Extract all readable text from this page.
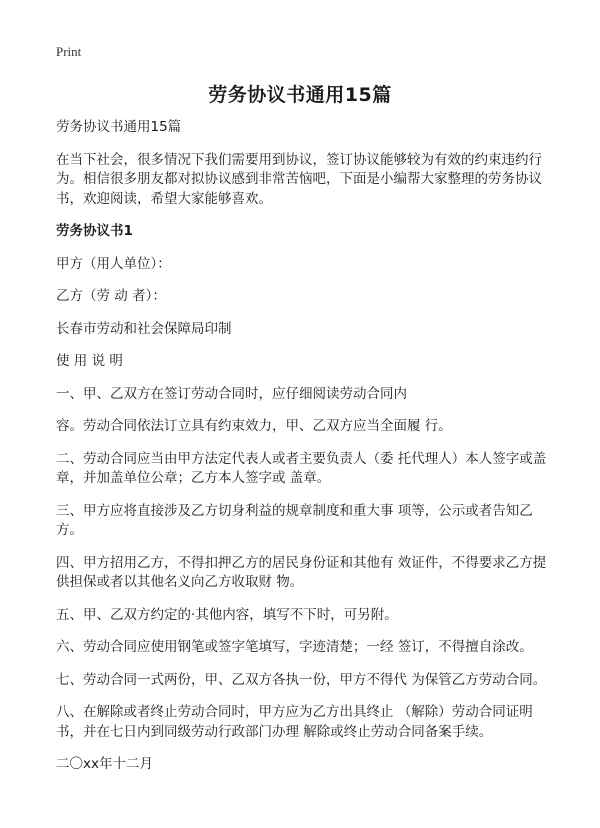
Print
劳务协议书通用15篇

劳务协议书通用15篇

在当下社会，很多情况下我们需要用到协议，签订协议能够较为有效的约束违约行为。相信很多朋友都对拟协议感到非常苦恼吧，下面是小编帮大家整理的劳务协议书，欢迎阅读，希望大家能够喜欢。

劳务协议书1

甲方（用人单位）：

乙方（劳 动 者）：

长春市劳动和社会保障局印制

使 用 说 明

一、甲、乙双方在签订劳动合同时，应仔细阅读劳动合同内

容。劳动合同依法订立具有约束效力，甲、乙双方应当全面履 行。

二、劳动合同应当由甲方法定代表人或者主要负责人（委 托代理人）本人签字或盖章，并加盖单位公章；乙方本人签字或 盖章。

三、甲方应将直接涉及乙方切身利益的规章制度和重大事 项等，公示或者告知乙方。

四、甲方招用乙方，不得扣押乙方的居民身份证和其他有 效证件，不得要求乙方提供担保或者以其他名义向乙方收取财 物。

五、甲、乙双方约定的·其他内容，填写不下时，可另附。

六、劳动合同应使用钢笔或签字笔填写，字迹清楚；一经 签订，不得擅自涂改。

七、劳动合同一式两份，甲、乙双方各执一份，甲方不得代 为保管乙方劳动合同。

八、在解除或者终止劳动合同时，甲方应为乙方出具终止 （解除）劳动合同证明书，并在七日内到同级劳动行政部门办理 解除或终止劳动合同备案手续。

二〇xx年十二月
